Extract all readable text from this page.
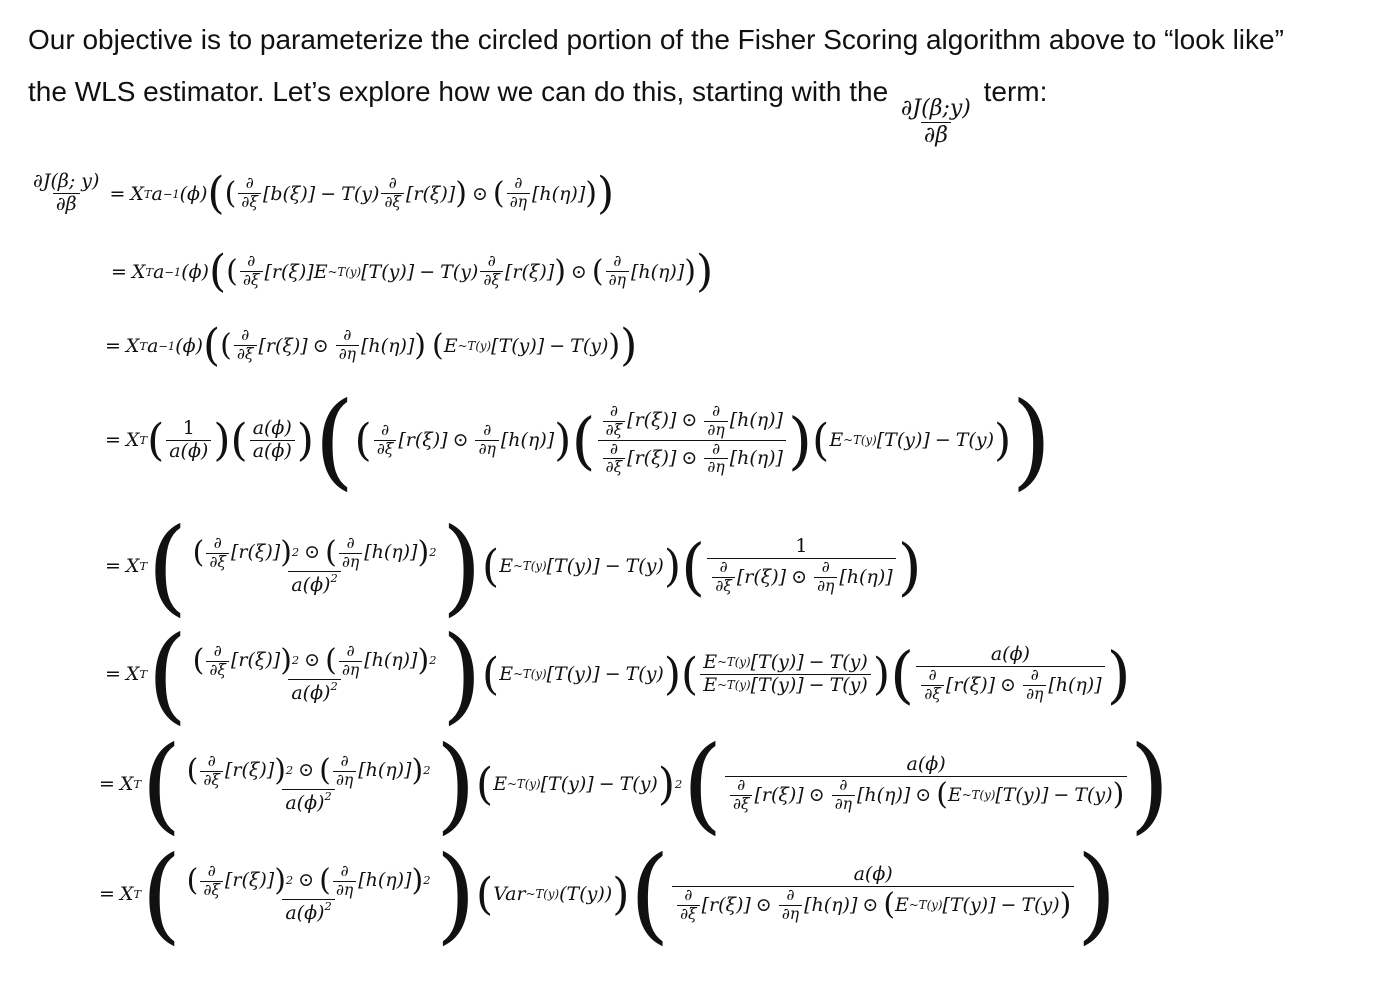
Our objective is to parameterize the circled portion of the Fisher Scoring algorithm above to “look like”
the WLS estimator. Let’s explore how we can do this, starting with the
$\frac{\partial J(\beta;y)}{\partial\beta}$
term:
$\frac{\partial J(\beta; y)}{\partial\beta} = X$ T a −1 (ϕ) ( ( $\frac{\partial}{\partial\xi} [b(\xi)] - T(y) \frac{\partial}{\partial\xi} [r(\xi)]$ ) ⊙ ( $\frac{\partial}{\partial\eta} [h(\eta)]$ ) )
= X T a −1 (ϕ) ( ( $\frac{\partial}{\partial\xi} [r(\xi)]$ E ~T(y) $[T(y)] - T(y) \frac{\partial}{\partial\xi} [r(\xi)]$ ) ⊙ ( $\frac{\partial}{\partial\eta} [h(\eta)]$ ) )
= X T a −1 (ϕ) ( ( $\frac{\partial}{\partial\xi} [r(\xi)]$ ⊙ $\frac{\partial}{\partial\eta} [h(\eta)]$ ) ( E ~T(y) [T(y)] − T(y) ) )
= X T ( $\frac{1}{a(\phi)}$ ) ( $\frac{a(\phi)}{a(\phi)}$ ) ( ( $\frac{\partial}{\partial\xi} [r(\xi)]$ ⊙ $\frac{\partial}{\partial\eta} [h(\eta)]$ ) ( $\frac{\frac{\partial}{\partial\xi} [r(\xi)] ⊙ \frac{\partial}{\partial\eta} [h(\eta)]}{\frac{\partial}{\partial\xi} [r(\xi)] ⊙ \frac{\partial}{\partial\eta} [h(\eta)]}$ ) ( E ~T(y) [T(y)] − T(y) ) )
= X T ( ( $\frac{\partial}{\partial\xi} [r(\xi)]$ ) 2 ⊙ ( $\frac{\partial}{\partial\eta} [h(\eta)]$ ) 2
$a(\phi)^2$ ) ( E ~T(y) [T(y)] − T(y) ) ( $\frac{1}{\frac{\partial}{\partial\xi} [r(\xi)] ⊙ \frac{\partial}{\partial\eta} [h(\eta)]}$ )
= X T ( ( $\frac{\partial}{\partial\xi} [r(\xi)]$ ) 2 ⊙ ( $\frac{\partial}{\partial\eta} [h(\eta)]$ ) 2
$a(\phi)^2$ ) ( E ~T(y) [T(y)] − T(y) ) ( $\frac{E \sim T(y) [T(y)] - T(y)}{E \sim T(y) [T(y)] - T(y)}$ ) ( $\frac{a(\phi)}{\frac{\partial}{\partial\xi} [r(\xi)] ⊙ \frac{\partial}{\partial\eta} [h(\eta)]}$ )
= X T ( ( $\frac{\partial}{\partial\xi} [r(\xi)]$ ) 2 ⊙ ( $\frac{\partial}{\partial\eta} [h(\eta)]$ ) 2
$a(\phi)^2$ ) ( E ~T(y) [T(y)] − T(y) ) 2 (	a(ϕ)
$\frac{\partial}{\partial\xi} [r(\xi)]$ ⊙ $\frac{\partial}{\partial\eta} [h(\eta)]$ ⊙ ( E ~T(y) [T(y)] − T(y) ) )
= X T ( ( $\frac{\partial}{\partial\xi} [r(\xi)]$ ) 2 ⊙ ( $\frac{\partial}{\partial\eta} [h(\eta)]$ ) 2
$a(\phi)^2$ ) ( Var ~T(y) (T(y)) ) (	a(ϕ)
$\frac{\partial}{\partial\xi} [r(\xi)]$ ⊙ $\frac{\partial}{\partial\eta} [h(\eta)]$ ⊙ ( E ~T(y) [T(y)] − T(y) ) )
